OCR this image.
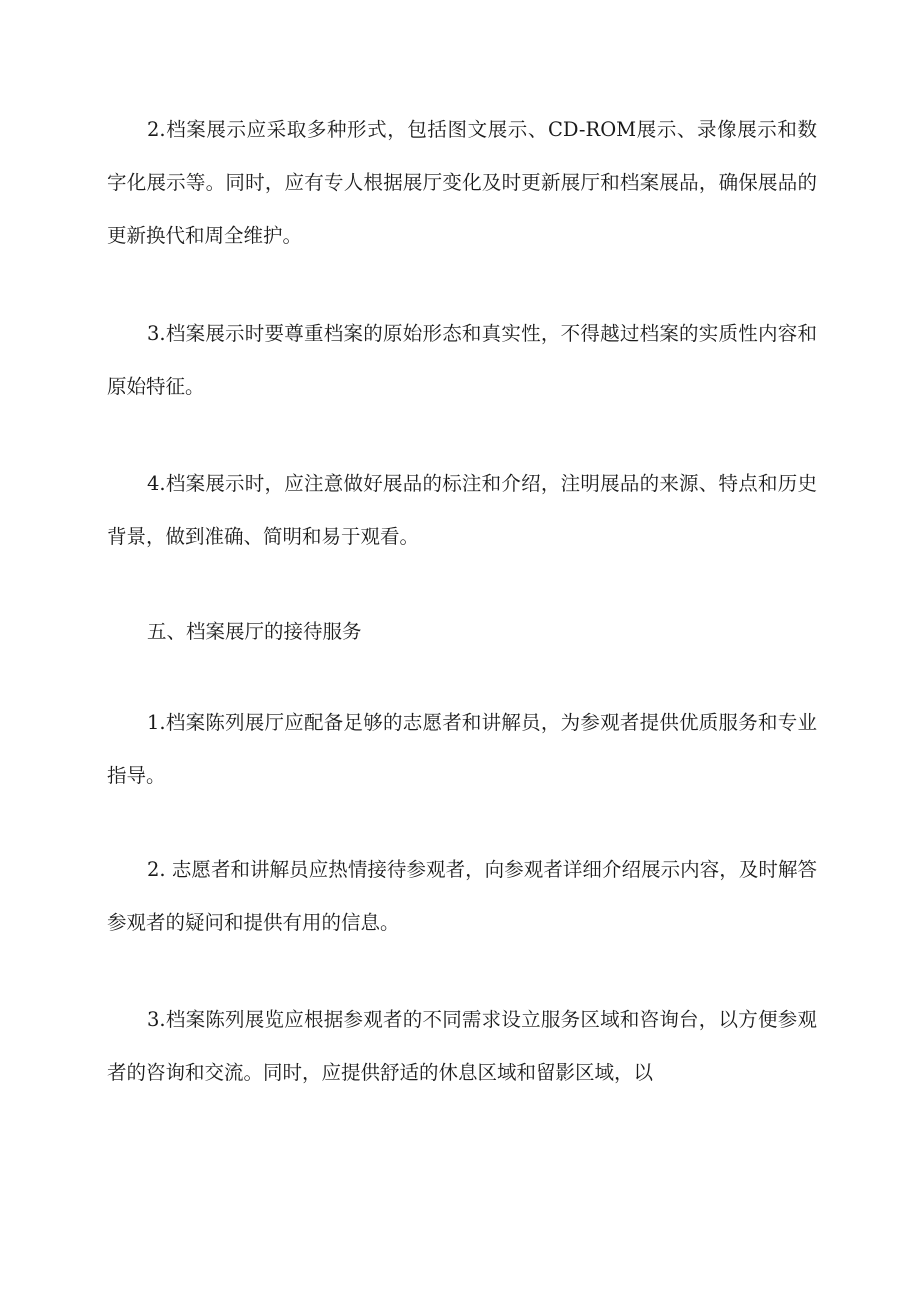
2.档案展示应采取多种形式，包括图文展示、CD-ROM展示、录像展示和数字化展示等。同时，应有专人根据展厅变化及时更新展厅和档案展品，确保展品的更新换代和周全维护。

3.档案展示时要尊重档案的原始形态和真实性，不得越过档案的实质性内容和原始特征。

4.档案展示时，应注意做好展品的标注和介绍，注明展品的来源、特点和历史背景，做到准确、简明和易于观看。

五、档案展厅的接待服务

1.档案陈列展厅应配备足够的志愿者和讲解员，为参观者提供优质服务和专业指导。

2. 志愿者和讲解员应热情接待参观者，向参观者详细介绍展示内容，及时解答参观者的疑问和提供有用的信息。

3.档案陈列展览应根据参观者的不同需求设立服务区域和咨询台，以方便参观者的咨询和交流。同时，应提供舒适的休息区域和留影区域，以
